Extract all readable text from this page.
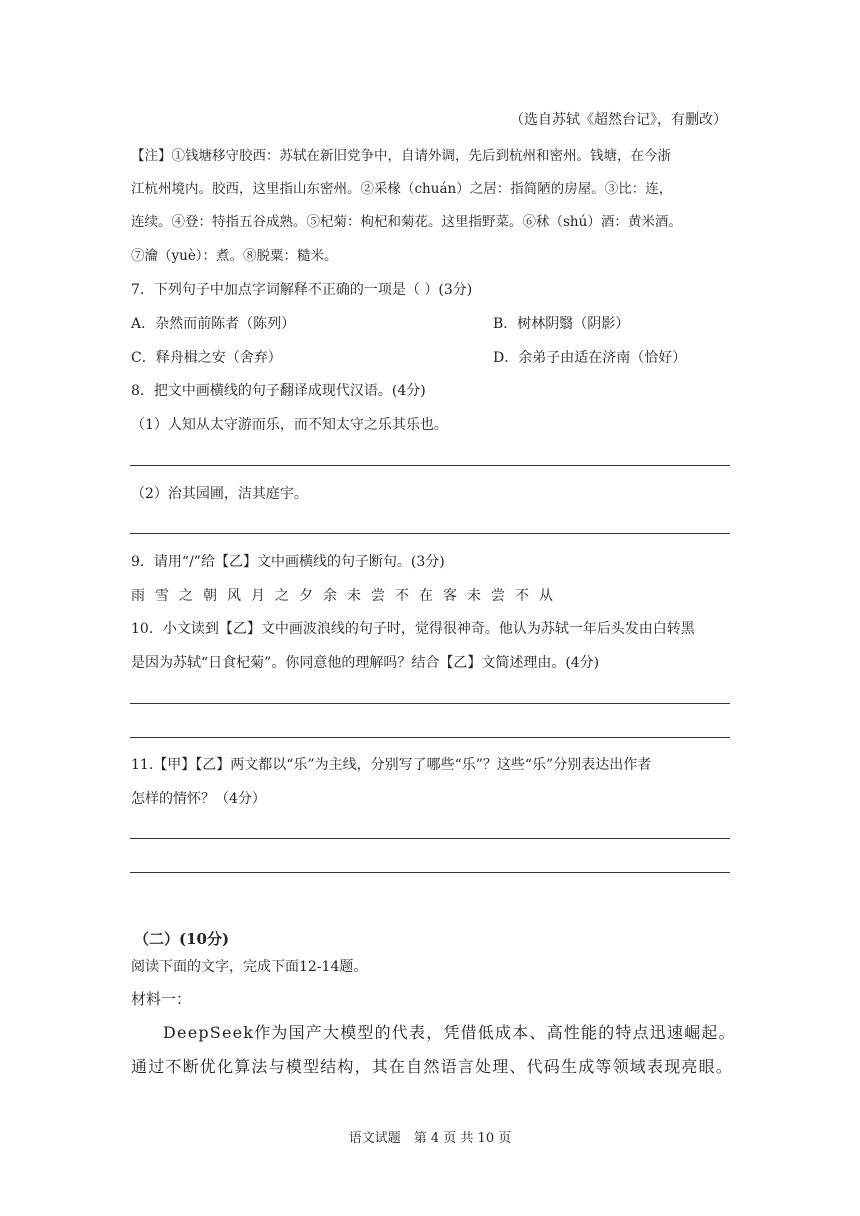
（选自苏轼《超然台记》，有删改）

【注】①钱塘移守胶西：苏轼在新旧党争中，自请外调，先后到杭州和密州。钱塘，在今浙

江杭州境内。胶西，这里指山东密州。②采椽（chuán）之居：指简陋的房屋。③比：连，

连续。④登：特指五谷成熟。⑤杞菊：枸杞和菊花。这里指野菜。⑥秫（shú）酒：黄米酒。

⑦瀹（yuè）：煮。⑧脱粟：糙米。

7．下列句子中加点字词解释不正确的一项是（ ）(3分)

A．杂然而前陈者（陈列）	B．树林阴翳（阴影）

C．释舟楫之安（舍弃）	D．余弟子由适在济南（恰好）

8．把文中画横线的句子翻译成现代汉语。(4分)

（1）人知从太守游而乐，而不知太守之乐其乐也。

（2）治其园圃，洁其庭宇。

9．请用“/”给【乙】文中画横线的句子断句。(3分)

雨雪之朝风月之夕余未尝不在客未尝不从

10．小文读到【乙】文中画波浪线的句子时，觉得很神奇。他认为苏轼一年后头发由白转黑

是因为苏轼“日食杞菊”。你同意他的理解吗？结合【乙】文简述理由。(4分)

11.【甲】【乙】两文都以“乐”为主线，分别写了哪些“乐”？这些“乐”分别表达出作者

怎样的情怀？（4分）

（二）(10分)

阅读下面的文字，完成下面12-14题。

材料一：

DeepSeek作为国产大模型的代表，凭借低成本、高性能的特点迅速崛起。

通过不断优化算法与模型结构，其在自然语言处理、代码生成等领域表现亮眼。

语文试题　第 4 页 共 10 页
